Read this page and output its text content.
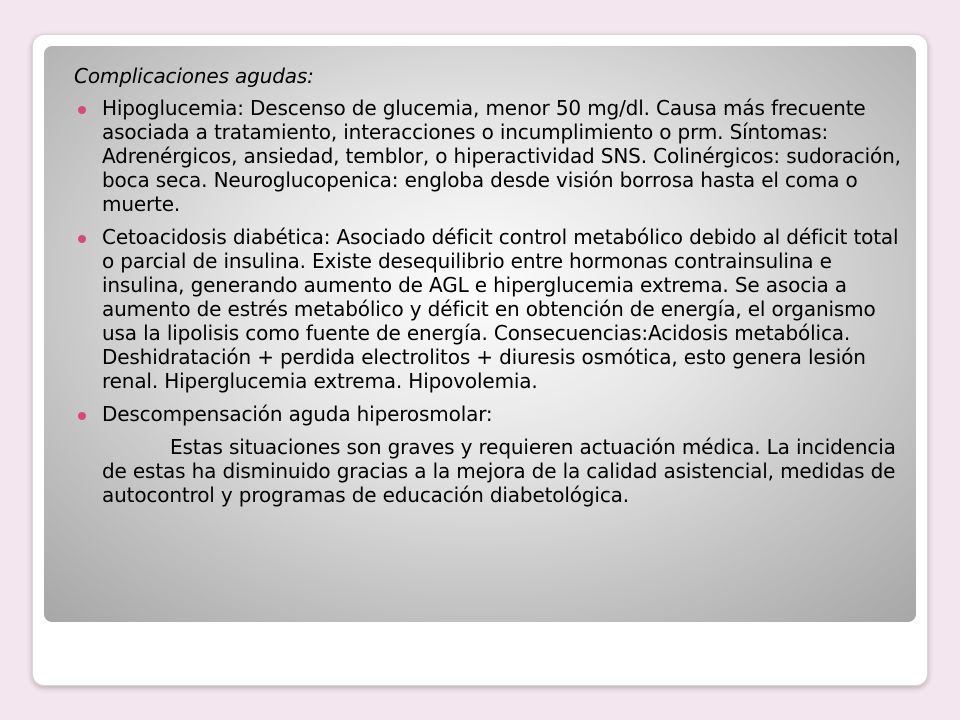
Complicaciones agudas:
Hipoglucemia: Descenso de glucemia, menor 50 mg/dl. Causa más frecuente asociada a tratamiento, interacciones o incumplimiento o prm. Síntomas: Adrenérgicos, ansiedad, temblor, o hiperactividad SNS. Colinérgicos: sudoración, boca seca. Neuroglucopenica: engloba desde visión borrosa hasta el coma o muerte.
Cetoacidosis diabética: Asociado déficit control metabólico debido al déficit total o parcial de insulina. Existe desequilibrio entre hormonas contrainsulina e insulina, generando aumento de AGL e hiperglucemia extrema. Se asocia a aumento de estrés metabólico y déficit en obtención de energía, el organismo usa la lipolisis como fuente de energía. Consecuencias:Acidosis metabólica. Deshidratación + perdida electrolitos + diuresis osmótica, esto genera lesión renal. Hiperglucemia extrema. Hipovolemia.
Descompensación aguda hiperosmolar:

Estas situaciones son graves y requieren actuación médica. La incidencia de estas ha disminuido gracias a la mejora de la calidad asistencial, medidas de autocontrol y programas de educación diabetológica.
